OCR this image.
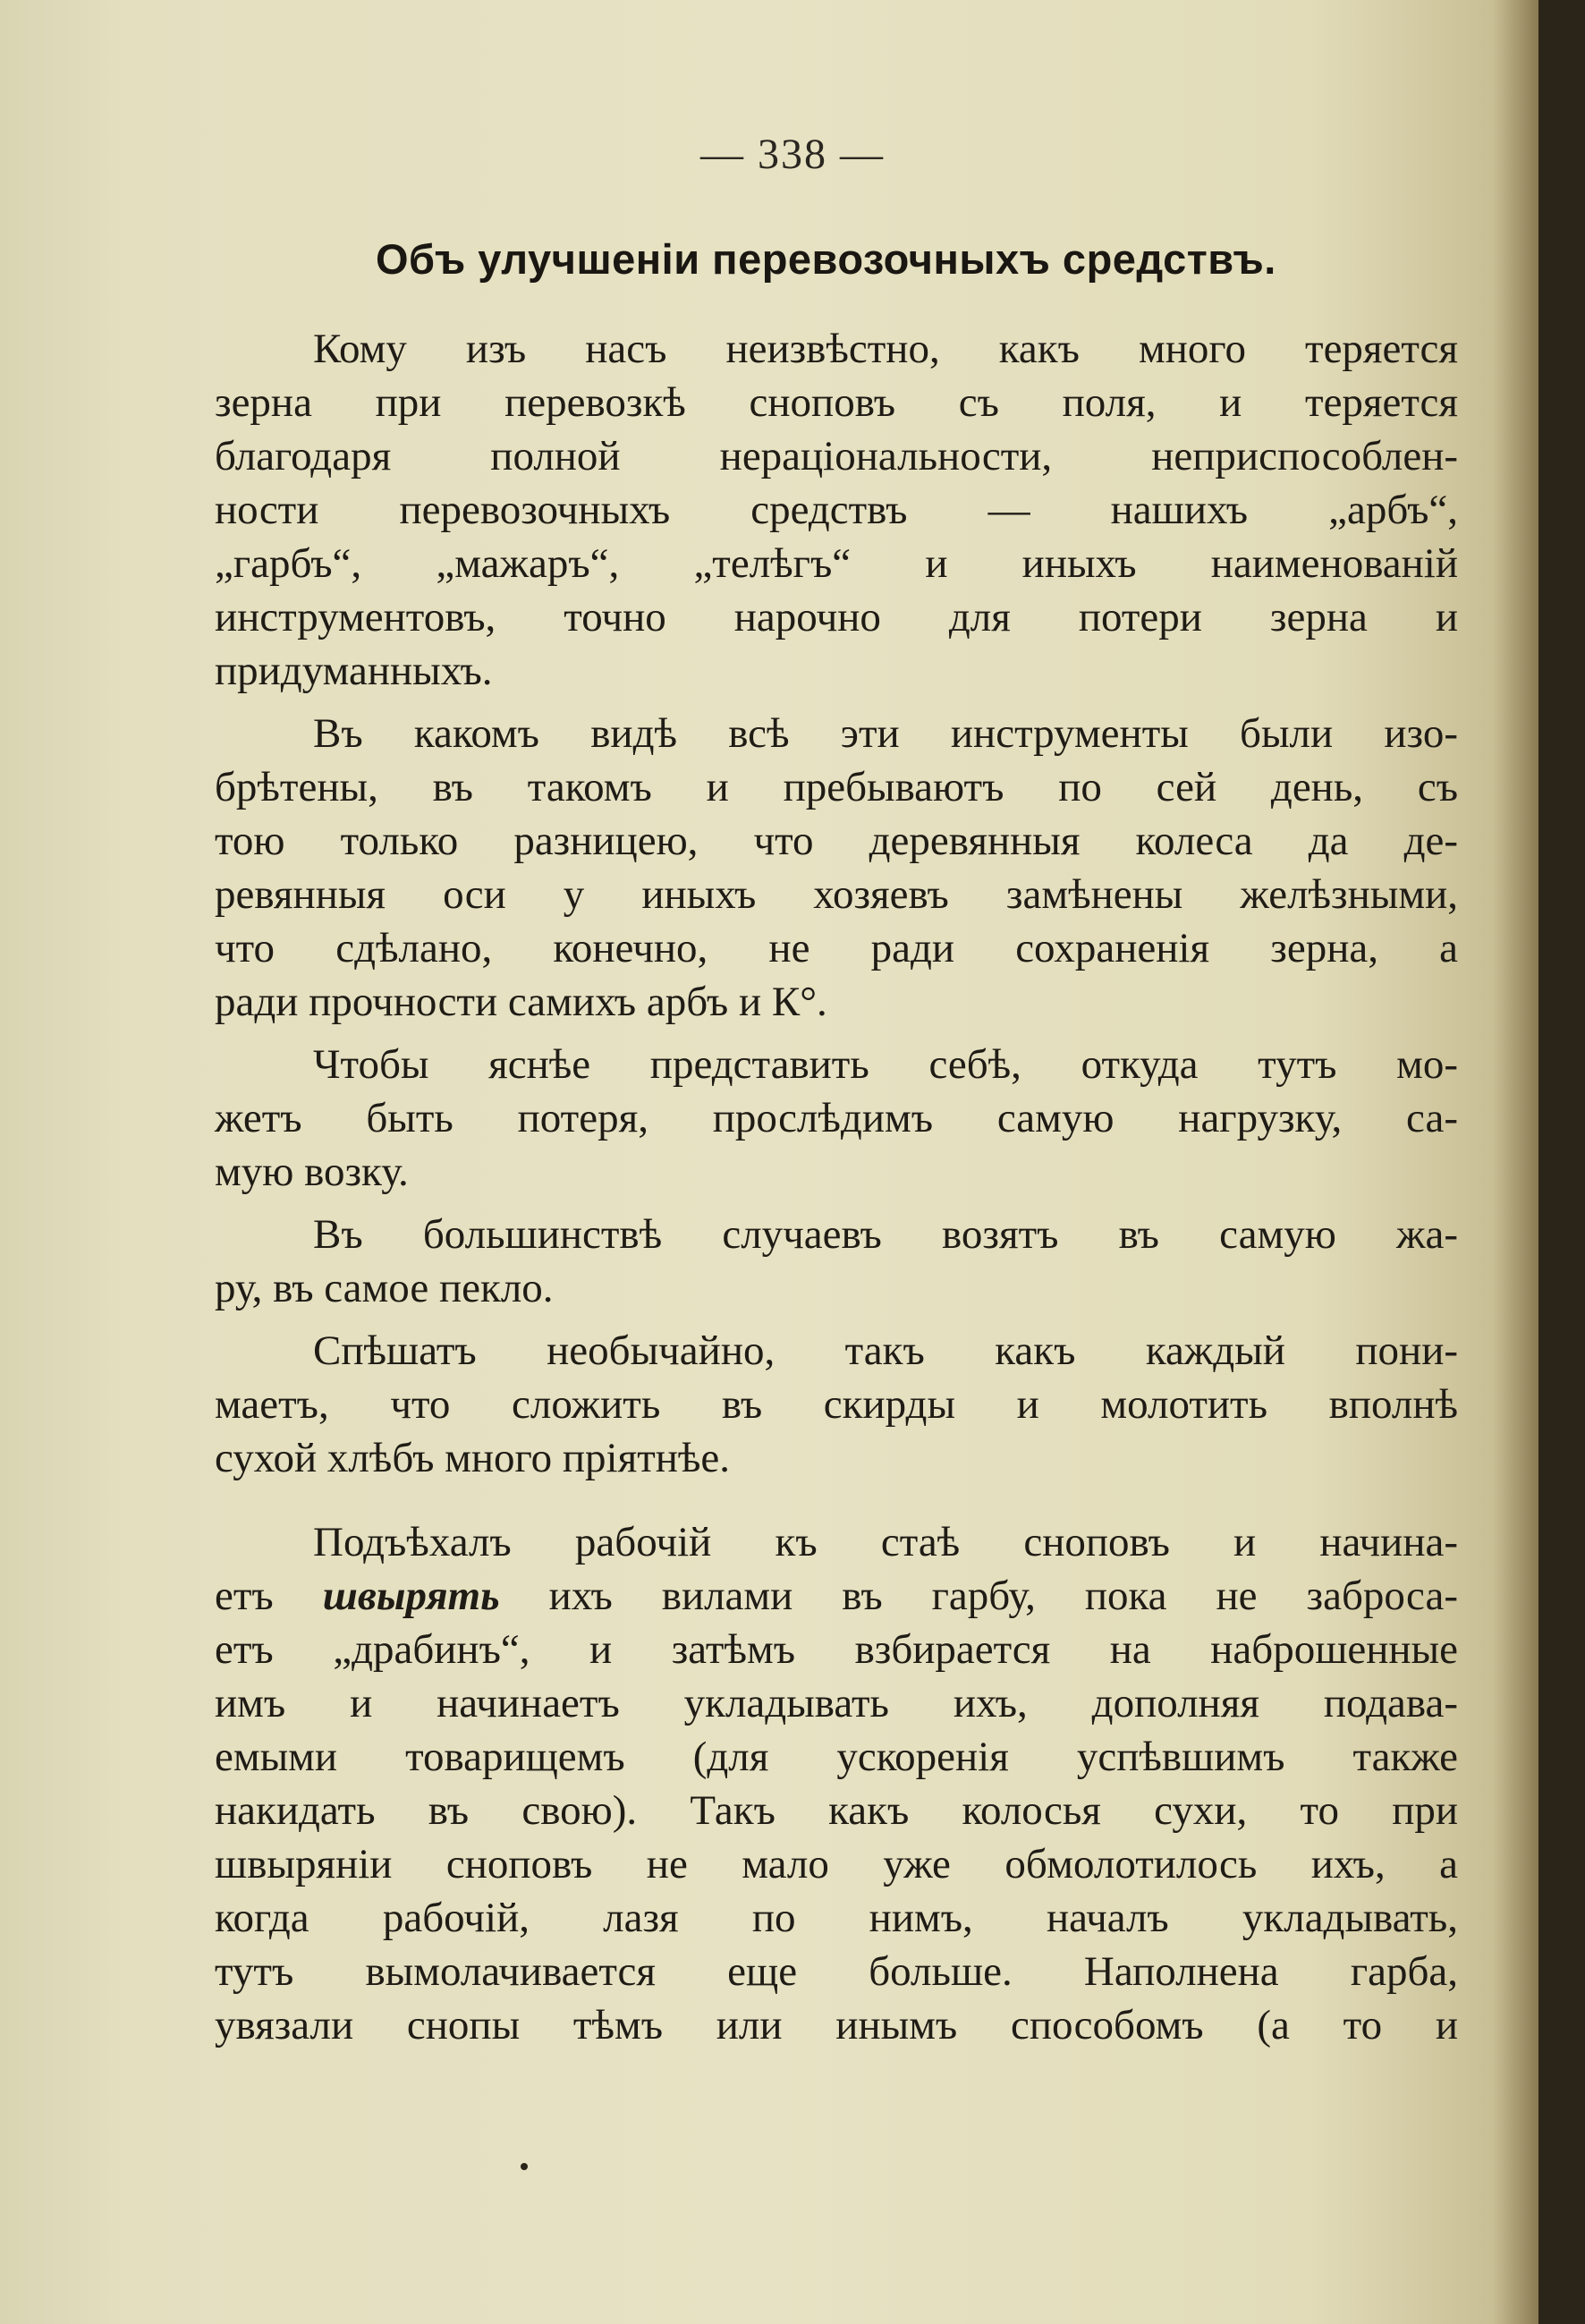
— 338 —
Объ улучшеніи перевозочныхъ средствъ.
Кому изъ насъ неизвѣстно, какъ много теряется
зерна при перевозкѣ сноповъ съ поля, и теряется
благодаря полной нераціональности, неприспособлен-
ности перевозочныхъ средствъ — нашихъ „арбъ“,
„гарбъ“, „мажаръ“, „телѣгъ“ и иныхъ наименованій
инструментовъ, точно нарочно для потери зерна и
придуманныхъ.
Въ какомъ видѣ всѣ эти инструменты были изо-
брѣтены, въ такомъ и пребываютъ по сей день, съ
тою только разницею, что деревянныя колеса да де-
ревянныя оси у иныхъ хозяевъ замѣнены желѣзными,
что сдѣлано, конечно, не ради сохраненія зерна, а
ради прочности самихъ арбъ и К°.
Чтобы яснѣе представить себѣ, откуда тутъ мо-
жетъ быть потеря, прослѣдимъ самую нагрузку, са-
мую возку.
Въ большинствѣ случаевъ возятъ въ самую жа-
ру, въ самое пекло.
Спѣшатъ необычайно, такъ какъ каждый пони-
маетъ, что сложить въ скирды и молотить вполнѣ
сухой хлѣбъ много пріятнѣе.
Подъѣхалъ рабочій къ стаѣ сноповъ и начина-
етъ швырять ихъ вилами въ гарбу, пока не заброса-
етъ „драбинъ“, и затѣмъ взбирается на наброшенные
имъ и начинаетъ укладывать ихъ, дополняя подава-
емыми товарищемъ (для ускоренія успѣвшимъ также
накидать въ свою). Такъ какъ колосья сухи, то при
швыряніи сноповъ не мало уже обмолотилось ихъ, а
когда рабочій, лазя по нимъ, началъ укладывать,
тутъ вымолачивается еще больше. Наполнена гарба,
увязали снопы тѣмъ или инымъ способомъ (а то и
